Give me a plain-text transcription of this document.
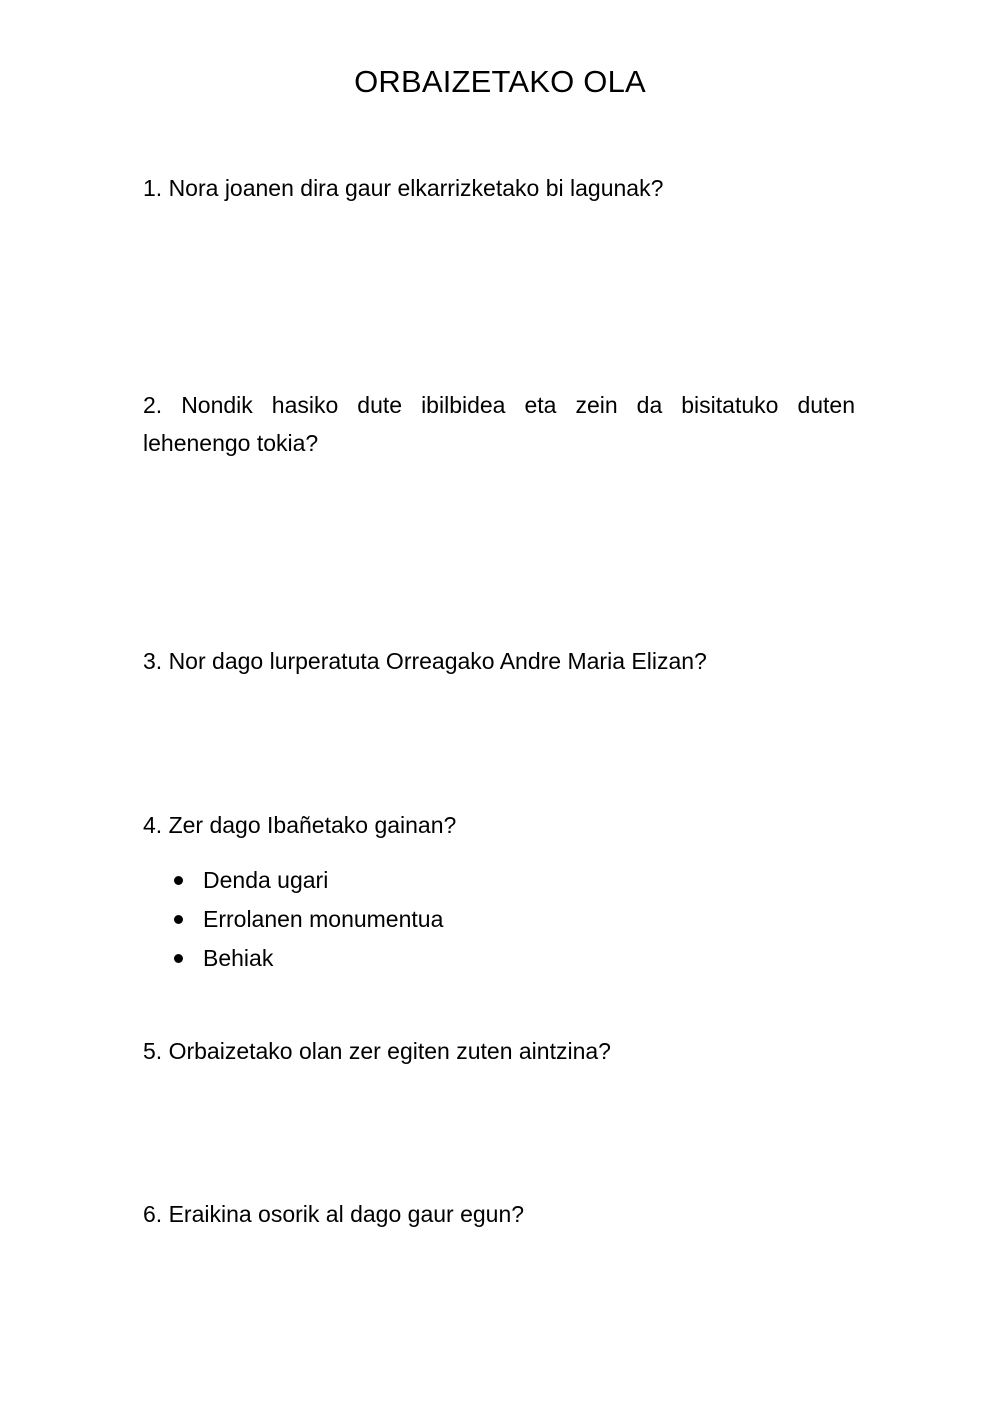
ORBAIZETAKO OLA

1. Nora joanen dira gaur elkarrizketako bi lagunak?

2. Nondik hasiko dute ibilbidea eta zein da bisitatuko duten lehenengo tokia?

3. Nor dago lurperatuta Orreagako Andre Maria Elizan?

4. Zer dago Ibañetako gainan?

Denda ugari
Errolanen monumentua
Behiak

5. Orbaizetako olan zer egiten zuten aintzina?

6. Eraikina osorik al dago gaur egun?
